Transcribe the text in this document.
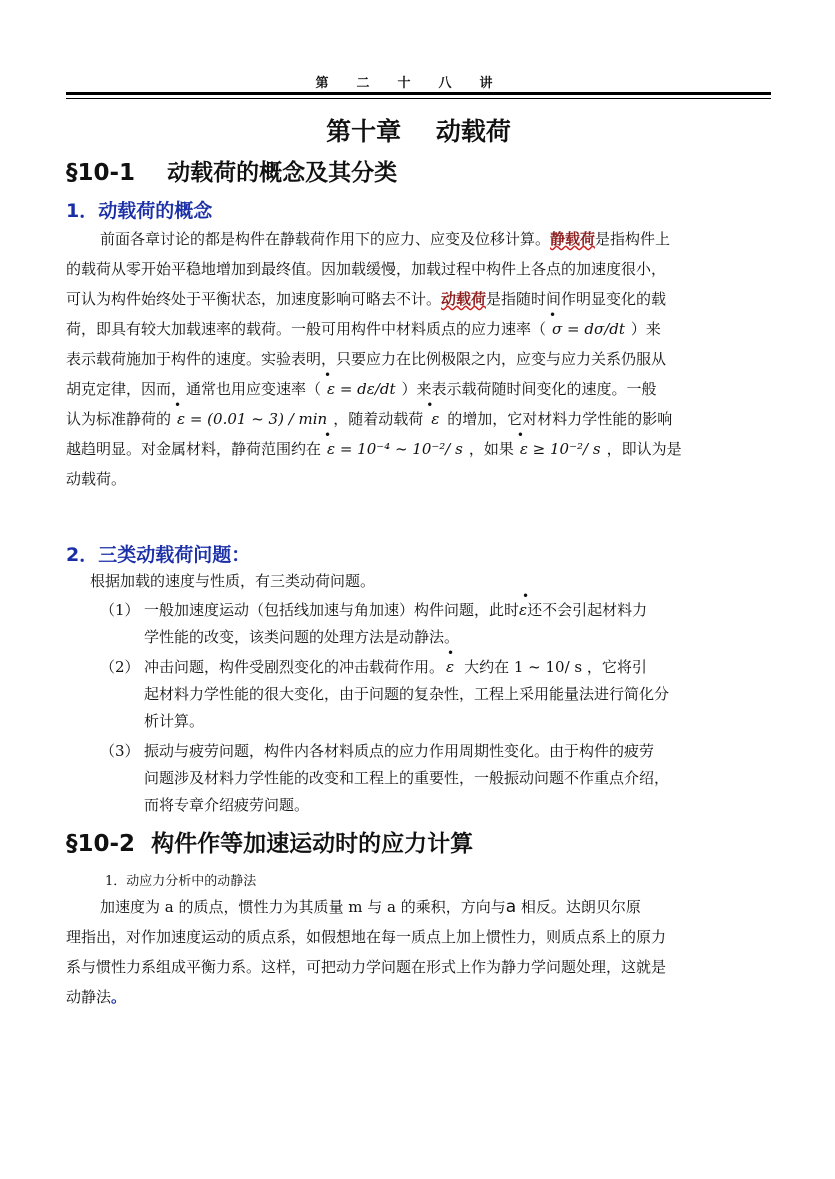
第二十八讲
第十章    动载荷
§10-1    动载荷的概念及其分类
1．动载荷的概念
前面各章讨论的都是构件在静载荷作用下的应力、应变及位移计算。静载荷是指构件上
的载荷从零开始平稳地增加到最终值。因加载缓慢，加载过程中构件上各点的加速度很小，
可认为构件始终处于平衡状态，加速度影响可略去不计。动载荷是指随时间作明显变化的载
荷，即具有较大加载速率的载荷。一般可用构件中材料质点的应力速率（ • σ = dσ/dt ）来
表示载荷施加于构件的速度。实验表明，只要应力在比例极限之内，应变与应力关系仍服从
胡克定律，因而，通常也用应变速率（ • ε = dε/dt ）来表示载荷随时间变化的速度。一般
认为标准静荷的 • ε = (0.01 ~ 3) / min ，随着动载荷 • ε 的增加，它对材料力学性能的影响
越趋明显。对金属材料，静荷范围约在 • ε = 10⁻⁴ ~ 10⁻²/ s ，如果 • ε ≥ 10⁻²/ s ，即认为是
动载荷。
2．三类动载荷问题：
根据加载的速度与性质，有三类动荷问题。
（1） 一般加速度运动（包括线加速与角加速）构件问题，此时• ε还不会引起材料力
学性能的改变，该类问题的处理方法是动静法。
（2） 冲击问题，构件受剧烈变化的冲击载荷作用。 • ε 大约在 1 ~ 10/ s ，它将引
起材料力学性能的很大变化，由于问题的复杂性，工程上采用能量法进行简化分
析计算。
（3） 振动与疲劳问题，构件内各材料质点的应力作用周期性变化。由于构件的疲劳
问题涉及材料力学性能的改变和工程上的重要性，一般振动问题不作重点介绍，
而将专章介绍疲劳问题。
§10-2  构件作等加速运动时的应力计算
1．动应力分析中的动静法
加速度为 a 的质点，惯性力为其质量 m 与 a 的乘积，方向与a 相反。达朗贝尔原
理指出，对作加速度运动的质点系，如假想地在每一质点上加上惯性力，则质点系上的原力
系与惯性力系组成平衡力系。这样，可把动力学问题在形式上作为静力学问题处理，这就是
动静法。
